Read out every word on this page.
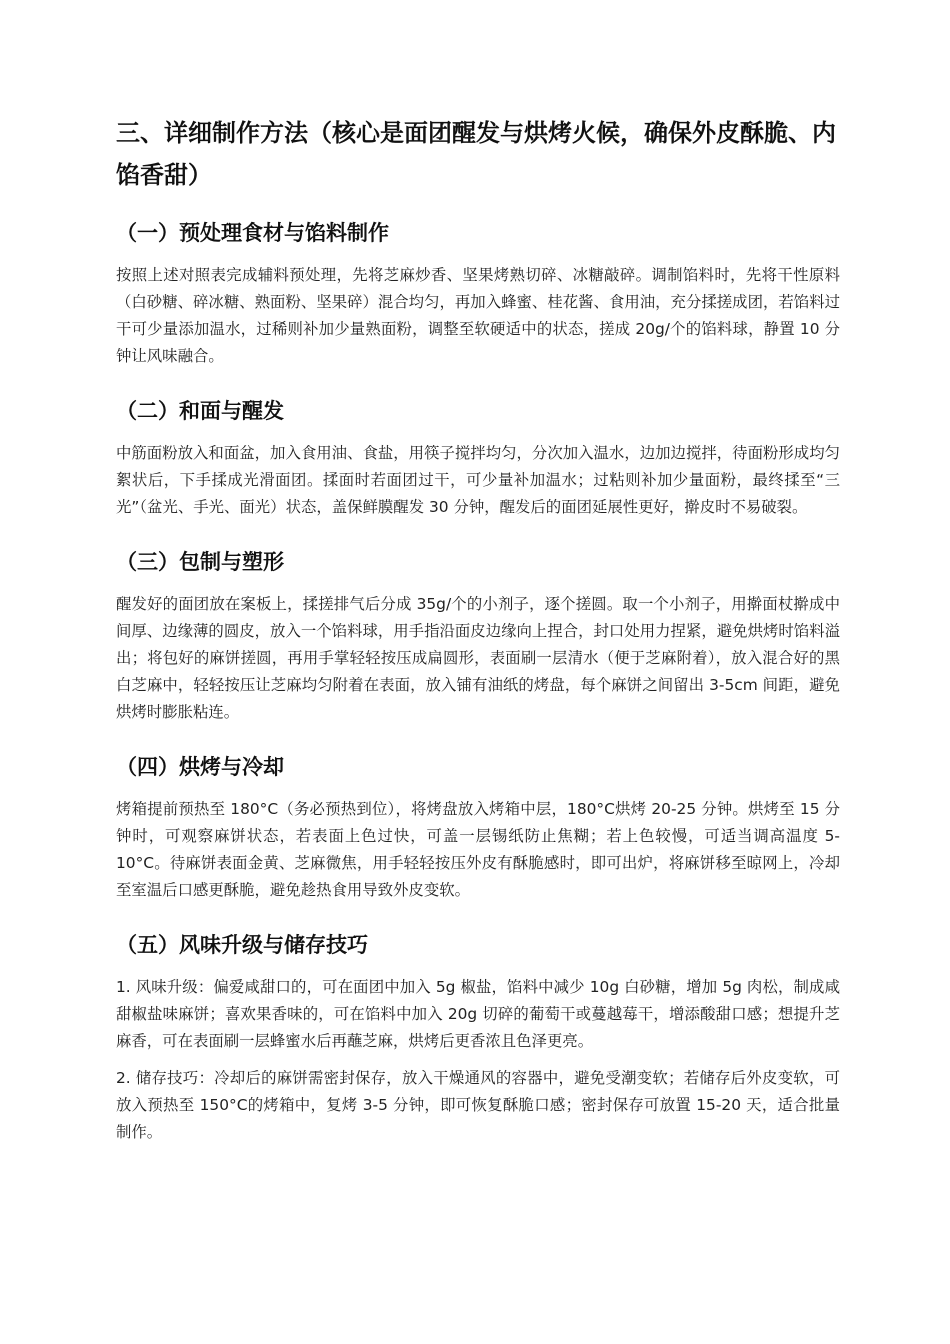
三、详细制作方法（核心是面团醒发与烘烤火候，确保外皮酥脆、内馅香甜）
（一）预处理食材与馅料制作

按照上述对照表完成辅料预处理，先将芝麻炒香、坚果烤熟切碎、冰糖敲碎。调制馅料时，先将干性原料（白砂糖、碎冰糖、熟面粉、坚果碎）混合均匀，再加入蜂蜜、桂花酱、食用油，充分揉搓成团，若馅料过干可少量添加温水，过稀则补加少量熟面粉，调整至软硬适中的状态，搓成 20g/个的馅料球，静置 10 分钟让风味融合。

（二）和面与醒发

中筋面粉放入和面盆，加入食用油、食盐，用筷子搅拌均匀，分次加入温水，边加边搅拌，待面粉形成均匀絮状后，下手揉成光滑面团。揉面时若面团过干，可少量补加温水；过粘则补加少量面粉，最终揉至“三光”（盆光、手光、面光）状态，盖保鲜膜醒发 30 分钟，醒发后的面团延展性更好，擀皮时不易破裂。

（三）包制与塑形

醒发好的面团放在案板上，揉搓排气后分成 35g/个的小剂子，逐个搓圆。取一个小剂子，用擀面杖擀成中间厚、边缘薄的圆皮，放入一个馅料球，用手指沿面皮边缘向上捏合，封口处用力捏紧，避免烘烤时馅料溢出；将包好的麻饼搓圆，再用手掌轻轻按压成扁圆形，表面刷一层清水（便于芝麻附着），放入混合好的黑白芝麻中，轻轻按压让芝麻均匀附着在表面，放入铺有油纸的烤盘，每个麻饼之间留出 3-5cm 间距，避免烘烤时膨胀粘连。

（四）烘烤与冷却

烤箱提前预热至 180°C（务必预热到位），将烤盘放入烤箱中层，180°C烘烤 20-25 分钟。烘烤至 15 分钟时，可观察麻饼状态，若表面上色过快，可盖一层锡纸防止焦糊；若上色较慢，可适当调高温度 5-10°C。待麻饼表面金黄、芝麻微焦，用手轻轻按压外皮有酥脆感时，即可出炉，将麻饼移至晾网上，冷却至室温后口感更酥脆，避免趁热食用导致外皮变软。

（五）风味升级与储存技巧

1. 风味升级：偏爱咸甜口的，可在面团中加入 5g 椒盐，馅料中减少 10g 白砂糖，增加 5g 肉松，制成咸甜椒盐味麻饼；喜欢果香味的，可在馅料中加入 20g 切碎的葡萄干或蔓越莓干，增添酸甜口感；想提升芝麻香，可在表面刷一层蜂蜜水后再蘸芝麻，烘烤后更香浓且色泽更亮。

2. 储存技巧：冷却后的麻饼需密封保存，放入干燥通风的容器中，避免受潮变软；若储存后外皮变软，可放入预热至 150°C的烤箱中，复烤 3-5 分钟，即可恢复酥脆口感；密封保存可放置 15-20 天，适合批量制作。
